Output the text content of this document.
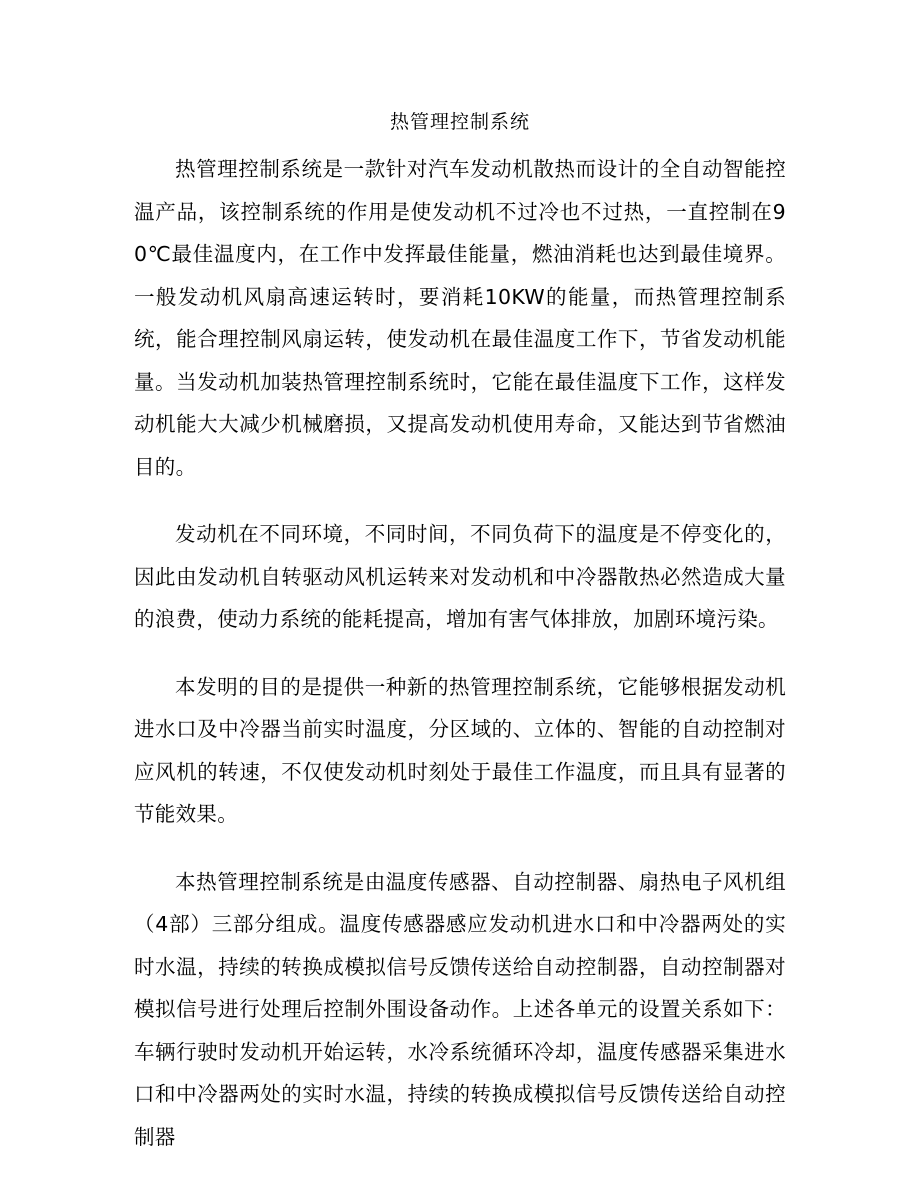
热管理控制系统

热管理控制系统是一款针对汽车发动机散热而设计的全自动智能控温产品，该控制系统的作用是使发动机不过冷也不过热，一直控制在90℃最佳温度内，在工作中发挥最佳能量，燃油消耗也达到最佳境界。一般发动机风扇高速运转时，要消耗10KW的能量，而热管理控制系统，能合理控制风扇运转，使发动机在最佳温度工作下，节省发动机能量。当发动机加装热管理控制系统时，它能在最佳温度下工作，这样发动机能大大减少机械磨损，又提高发动机使用寿命，又能达到节省燃油目的。

发动机在不同环境，不同时间，不同负荷下的温度是不停变化的，因此由发动机自转驱动风机运转来对发动机和中冷器散热必然造成大量的浪费，使动力系统的能耗提高，增加有害气体排放，加剧环境污染。

本发明的目的是提供一种新的热管理控制系统，它能够根据发动机进水口及中冷器当前实时温度，分区域的、立体的、智能的自动控制对应风机的转速，不仅使发动机时刻处于最佳工作温度，而且具有显著的节能效果。

本热管理控制系统是由温度传感器、自动控制器、扇热电子风机组（4部）三部分组成。温度传感器感应发动机进水口和中冷器两处的实时水温，持续的转换成模拟信号反馈传送给自动控制器，自动控制器对模拟信号进行处理后控制外围设备动作。上述各单元的设置关系如下：车辆行驶时发动机开始运转，水冷系统循环冷却，温度传感器采集进水口和中冷器两处的实时水温，持续的转换成模拟信号反馈传送给自动控制器
